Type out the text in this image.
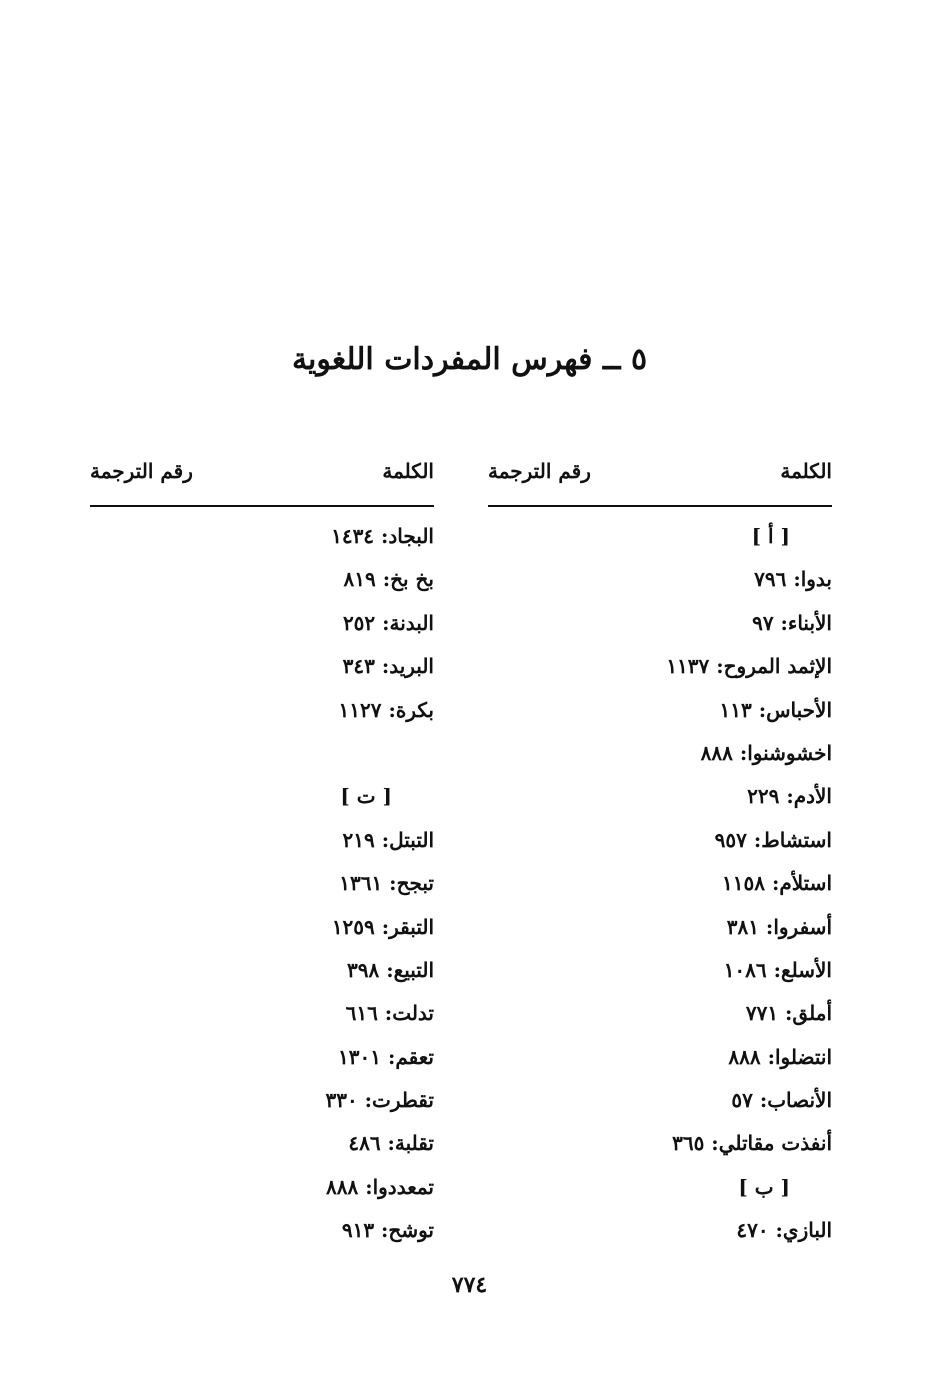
٥ ــ فهرس المفردات اللغوية
الكلمة
رقم الترجمة
[ أ ]
بدوا: ٧٩٦
الأبناء: ٩٧
الإثمد المروح: ١١٣٧
الأحباس: ١١٣
اخشوشنوا: ٨٨٨
الأدم: ٢٢٩
استشاط: ٩٥٧
استلأم: ١١٥٨
أسفروا: ٣٨١
الأسلع: ١٠٨٦
أملق: ٧٧١
انتضلوا: ٨٨٨
الأنصاب: ٥٧
أنفذت مقاتلي: ٣٦٥
[ ب ]
البازي: ٤٧٠
الكلمة
رقم الترجمة
البجاد: ١٤٣٤
بخ بخ: ٨١٩
البدنة: ٢٥٢
البريد: ٣٤٣
بكرة: ١١٢٧
[ ت ]
التبتل: ٢١٩
تبجح: ١٣٦١
التبقر: ١٢٥٩
التبيع: ٣٩٨
تدلت: ٦١٦
تعقم: ١٣٠١
تقطرت: ٣٣٠
تقلبة: ٤٨٦
تمعددوا: ٨٨٨
توشح: ٩١٣
٧٧٤
